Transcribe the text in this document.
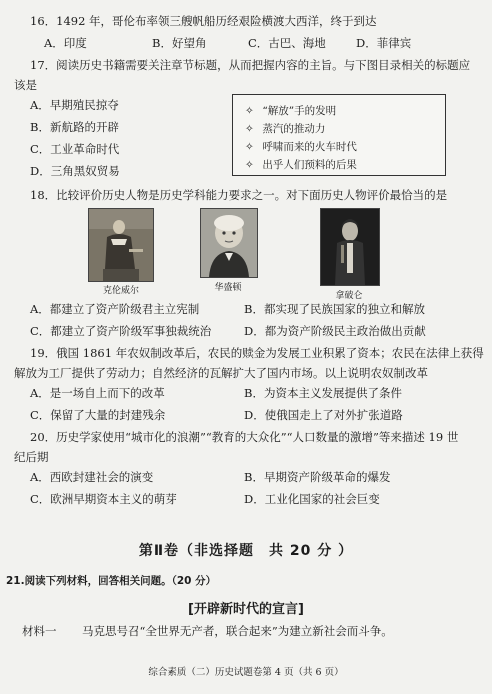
16．1492 年，哥伦布率领三艘帆船历经艰险横渡大西洋，终于到达
A．印度	B．好望角	C．古巴、海地	D．菲律宾
17．阅读历史书籍需要关注章节标题，从而把握内容的主旨。与下图目录相关的标题应
该是
A．早期殖民掠夺
B．新航路的开辟
C．工业革命时代
D．三角黑奴贸易
✧ “解放”手的发明
✧ 蒸汽的推动力
✧ 呼啸而来的火车时代
✧ 出乎人们预料的后果
18．比较评价历史人物是历史学科能力要求之一。对下面历史人物评价最恰当的是
克伦威尔	华盛顿
拿破仑
A．都建立了资产阶级君主立宪制	B．都实现了民族国家的独立和解放
C．都建立了资产阶级军事独裁统治	D．都为资产阶级民主政治做出贡献
19．俄国 1861 年农奴制改革后，农民的赎金为发展工业积累了资本；农民在法律上获得
解放为工厂提供了劳动力；自然经济的瓦解扩大了国内市场。以上说明农奴制改革
A．是一场自上而下的改革	B．为资本主义发展提供了条件
C．保留了大量的封建残余	D．使俄国走上了对外扩张道路
20．历史学家使用“城市化的浪潮”“教育的大众化”“人口数量的激增”等来描述 19 世
纪后期
A．西欧封建社会的演变	B．早期资产阶级革命的爆发
C．欧洲早期资本主义的萌芽	D．工业化国家的社会巨变
第Ⅱ卷（非选择题　共 20 分 ）
21.阅读下列材料，回答相关问题。（20 分）
[开辟新时代的宣言]
材料一 马克思号召“全世界无产者，联合起来”为建立新社会而斗争。
综合素质（二）历史试题卷第 4 页（共 6 页）
